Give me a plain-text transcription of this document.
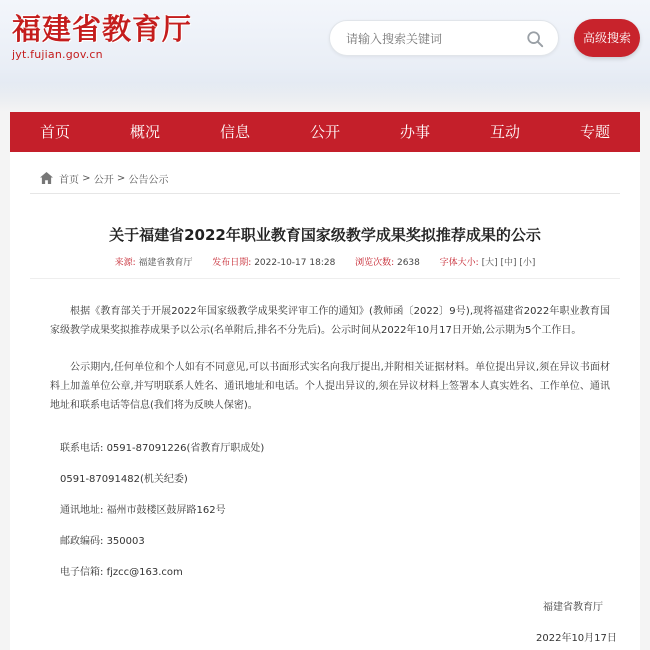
福建省教育厅
jyt.fujian.gov.cn
请输入搜索关键词
高级搜索
首页	概况	信息	公开	办事	互动	专题
首页 > 公开 > 公告公示
关于福建省2022年职业教育国家级教学成果奖拟推荐成果的公示
来源: 福建省教育厅 发布日期: 2022-10-17 18:28 浏览次数: 2638 字体大小: [大] [中] [小]
根据《教育部关于开展2022年国家级教学成果奖评审工作的通知》(教师函〔2022〕9号),现将福建省2022年职业教育国家级教学成果奖拟推荐成果予以公示(名单附后,排名不分先后)。公示时间从2022年10月17日开始,公示期为5个工作日。
公示期内,任何单位和个人如有不同意见,可以书面形式实名向我厅提出,并附相关证据材料。单位提出异议,须在异议书面材料上加盖单位公章,并写明联系人姓名、通讯地址和电话。个人提出异议的,须在异议材料上签署本人真实姓名、工作单位、通讯地址和联系电话等信息(我们将为反映人保密)。
联系电话: 0591-87091226(省教育厅职成处)
0591-87091482(机关纪委)
通讯地址: 福州市鼓楼区鼓屏路162号
邮政编码: 350003
电子信箱: fjzcc@163.com
福建省教育厅
2022年10月17日
